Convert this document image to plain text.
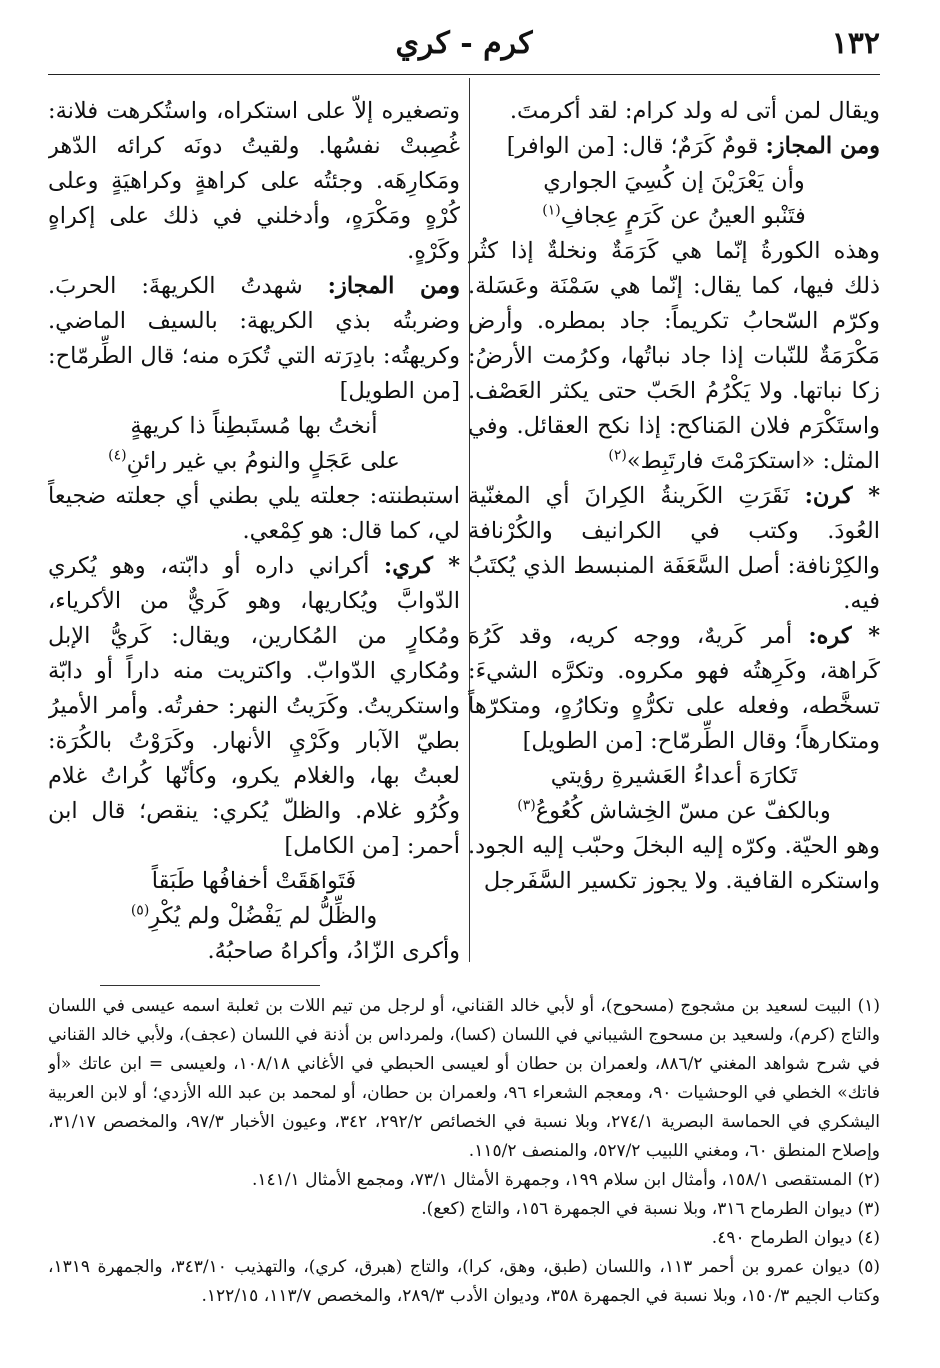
١٣٢
كرم - كري

ويقال لمن أتى له ولد كرام: لقد أكرمتَ.

ومن المجاز: قومٌ كَرَمٌ؛ قال: [من الوافر]

وأن يَعْرَيْنَ إن كُسِيَ الجواري

فتَنْبو العينُ عن كَرَمٍ عِجافِ$^{(١)}$

وهذه الكورةُ إنّما هي كَرَمَةٌ ونخلةٌ إذا كثُر ذلك فيها، كما يقال: إنّما هي سَمْنَة وعَسَلة. وكرّم السّحابُ تكريماً: جاد بمطره. وأرض مَكْرَمَةٌ للنّبات إذا جاد نباتُها، وكرُمت الأرضُ: زكا نباتها. ولا يَكْرُمُ الحَبّ حتى يكثر العَصْف. واستَكْرَم فلان المَناكح: إذا نكح العقائل. وفي المثل: «استكرَمْتَ فارتَبِط»$^{(٢)}$

* كرن: نَقَرَتِ الكَرينةُ الكِرانَ أي المغنّية العُودَ. وكتب في الكرانيف والكُرْنافة والكِرْنافة: أصل السَّعَفَة المنبسط الذي يُكتَبُ فيه.

* كره: أمر كَريهٌ، ووجه كريه، وقد كَرُهَ كَراهة، وكَرِهتُه فهو مكروه. وتكرَّه الشيءَ: تسخَّطه، وفعله على تكرُّهٍ وتكارُهٍ، ومتكرّهاً ومتكارهاً؛ وقال الطِّرمّاح: [من الطويل]

تَكارَهَ أعداءُ العَشيرةِ رؤيتي

وبالكفّ عن مسّ الخِشاش كُعُوعُ$^{(٣)}$

وهو الحيّة. وكرّه إليه البخلَ وحبّب إليه الجود. واستكره القافية. ولا يجوز تكسير السَّفَرجل

وتصغيره إلاّ على استكراه، واستُكرهت فلانة: غُصِبتْ نفسُها. ولقيتُ دونَه كرائه الدّهر ومَكارِهَه. وجئتُه على كراهةٍ وكراهيَةٍ وعلى كُرْهٍ ومَكْرَهٍ، وأدخلني في ذلك على إكراهٍ وكَرْهٍ.

ومن المجاز: شهدتُ الكريهةَ: الحربَ. وضربتُه بذي الكريهة: بالسيف الماضي. وكريهتُه: بادِرَته التي تُكرَه منه؛ قال الطِّرمّاح: [من الطويل]

أنختُ بها مُستَبطِناً ذا كريهةٍ

على عَجَلٍ والنومُ بي غير رائنِ$^{(٤)}$

استبطنته: جعلته يلي بطني أي جعلته ضجيعاً لي، كما قال: هو كِمْعي.

* كري: أكراني داره أو دابّته، وهو يُكري الدّوابَّ ويُكاريها، وهو كَريٌّ من الأكرياء، ومُكارٍ من المُكارين، ويقال: كَريُّ الإبل ومُكاري الدّوابّ. واكتريت منه داراً أو دابّة واستكريتُ. وكَرَيتُ النهر: حفرتُه. وأمر الأميرُ بطيّ الآبار وكَرْيِ الأنهار. وكَرَوْتُ بالكُرَة: لعبتُ بها، والغلام يكرو، وكأنّها كُراتُ غلام وكُرُو غلام. والظلّ يُكري: ينقص؛ قال ابن أحمر: [من الكامل]

فَتَواهَقَتْ أخفافُها طَبَقاً

والظِّلُّ لم يَفْضُلْ ولم يُكْرِ$^{(٥)}$

وأكرى الزّادُ، وأكراهُ صاحبُهُ.

(١) البيت لسعيد بن مشجوج (مسحوح)، أو لأبي خالد القناني، أو لرجل من تيم اللات بن ثعلبة اسمه عيسى في اللسان والتاج (كرم)، ولسعيد بن مسحوج الشيباني في اللسان (كسا)، ولمرداس بن أذنة في اللسان (عجف)، ولأبي خالد القناني في شرح شواهد المغني ٨٨٦/٢، ولعمران بن حطان أو لعيسى الحبطي في الأغاني ١٠٨/١٨، ولعيسى = ابن عاتك «أو فاتك» الخطي في الوحشيات ٩٠، ومعجم الشعراء ٩٦، ولعمران بن حطان، أو لمحمد بن عبد الله الأزدي؛ أو لابن العربية اليشكري في الحماسة البصرية ٢٧٤/١، وبلا نسبة في الخصائص ٢٩٢/٢، ٣٤٢، وعيون الأخبار ٩٧/٣، والمخصص ٣١/١٧، وإصلاح المنطق ٦٠، ومغني اللبيب ٥٢٧/٢، والمنصف ١١٥/٢.

(٢) المستقصى ١٥٨/١، وأمثال ابن سلام ١٩٩، وجمهرة الأمثال ٧٣/١، ومجمع الأمثال ١٤١/١.

(٣) ديوان الطرماح ٣١٦، وبلا نسبة في الجمهرة ١٥٦، والتاج (كعع).

(٤) ديوان الطرماح ٤٩٠.

(٥) ديوان عمرو بن أحمر ١١٣، واللسان (طبق، وهق، كرا)، والتاج (هبرق، كري)، والتهذيب ٣٤٣/١٠، والجمهرة ١٣١٩، وكتاب الجيم ١٥٠/٣، وبلا نسبة في الجمهرة ٣٥٨، وديوان الأدب ٢٨٩/٣، والمخصص ١١٣/٧، ١٢٢/١٥.
